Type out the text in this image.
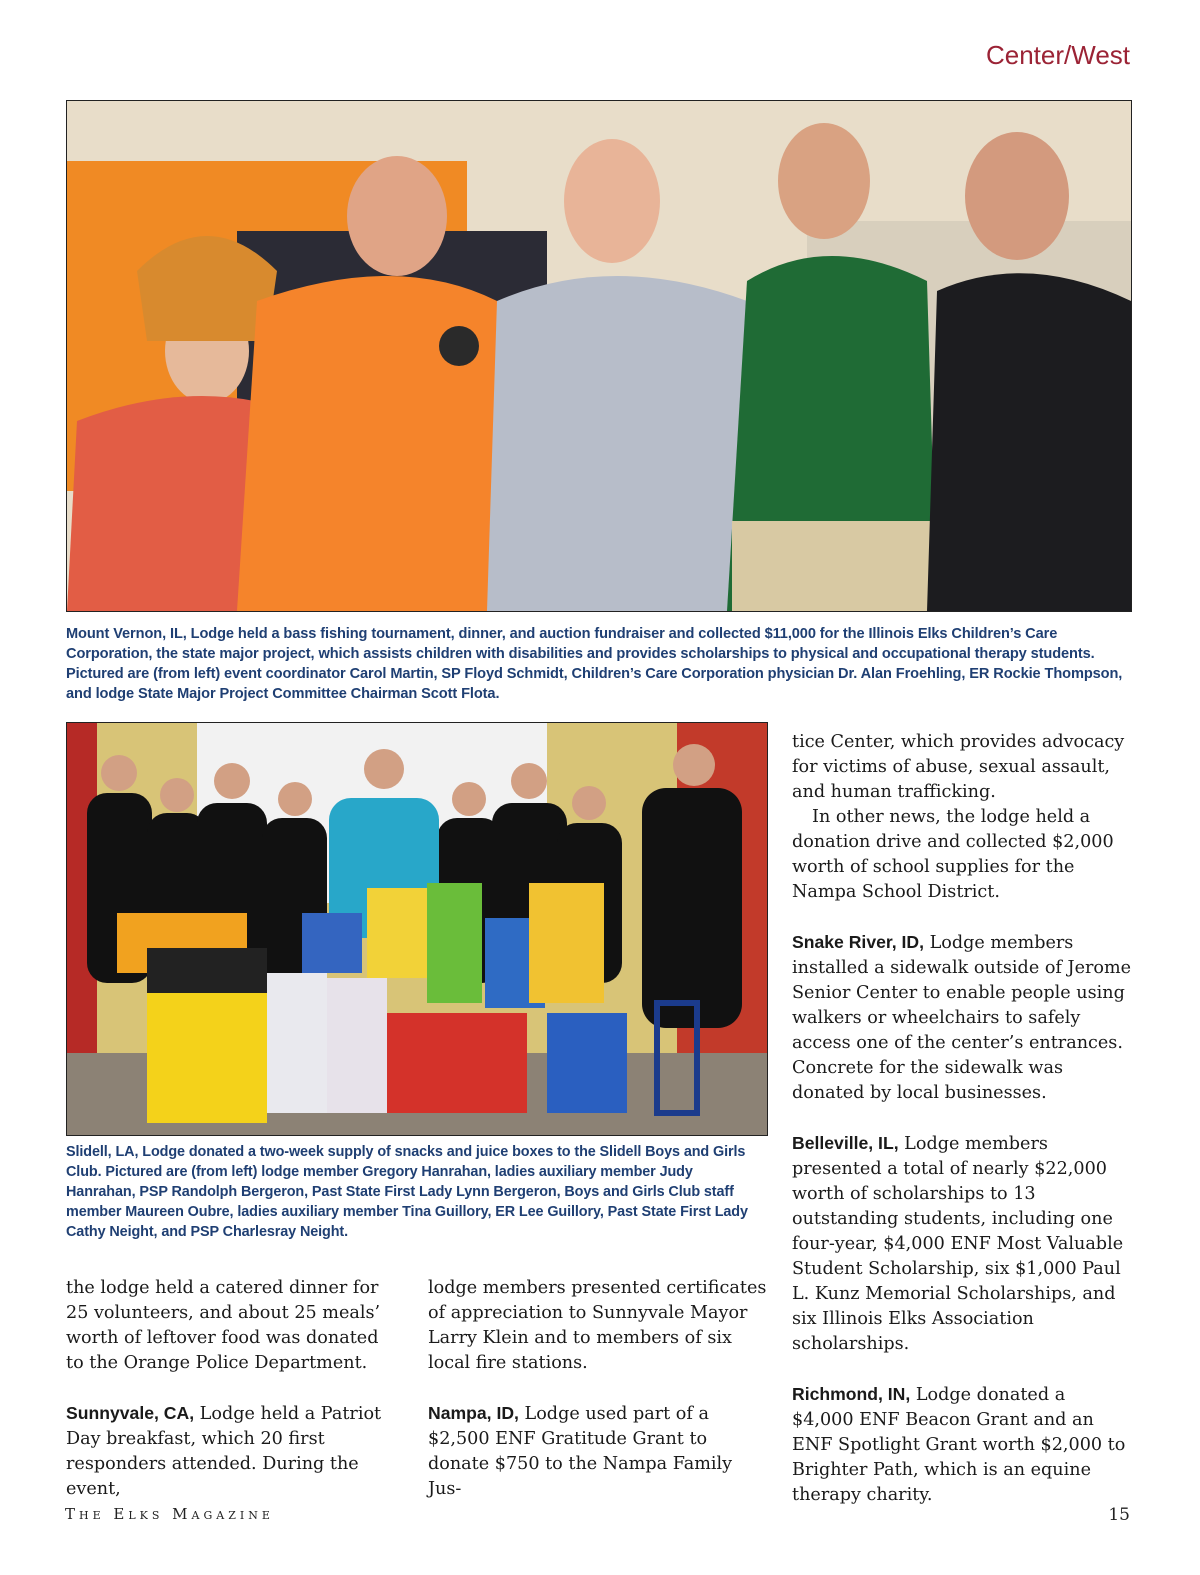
Center/West
Mount Vernon, IL, Lodge held a bass fishing tournament, dinner, and auction fundraiser and collected $11,000 for the Illinois Elks Children’s Care Corporation, the state major project, which assists children with disabilities and provides scholarships to physical and occupational therapy students. Pictured are (from left) event coordinator Carol Martin, SP Floyd Schmidt, Children’s Care Corporation physician Dr. Alan Froehling, ER Rockie Thompson, and lodge State Major Project Committee Chairman Scott Flota.
Slidell, LA, Lodge donated a two-week supply of snacks and juice boxes to the Slidell Boys and Girls Club. Pictured are (from left) lodge member Gregory Hanrahan, ladies auxiliary member Judy Hanrahan, PSP Randolph Bergeron, Past State First Lady Lynn Bergeron, Boys and Girls Club staff member Maureen Oubre, ladies auxiliary member Tina Guillory, ER Lee Guillory, Past State First Lady Cathy Neight, and PSP Charlesray Neight.

the lodge held a catered dinner for 25 volunteers, and about 25 meals’ worth of leftover food was donated to the Orange Police Department.

Sunnyvale, CA, Lodge held a Patriot Day breakfast, which 20 first responders attended. During the event,

lodge members presented certificates of appreciation to Sunnyvale Mayor Larry Klein and to members of six local fire stations.

Nampa, ID, Lodge used part of a $2,500 ENF Gratitude Grant to donate $750 to the Nampa Family Jus-

tice Center, which provides advocacy for victims of abuse, sexual assault, and human trafficking.

In other news, the lodge held a donation drive and collected $2,000 worth of school supplies for the Nampa School District.

Snake River, ID, Lodge members installed a sidewalk outside of Jerome Senior Center to enable people using walkers or wheelchairs to safely access one of the center’s entrances. Concrete for the sidewalk was donated by local businesses.

Belleville, IL, Lodge members presented a total of nearly $22,000 worth of scholarships to 13 outstanding students, including one four-year, $4,000 ENF Most Valuable Student Scholarship, six $1,000 Paul L. Kunz Memorial Scholarships, and six Illinois Elks Association scholarships.

Richmond, IN, Lodge donated a $4,000 ENF Beacon Grant and an ENF Spotlight Grant worth $2,000 to Brighter Path, which is an equine therapy charity.

The Elks Magazine	15
